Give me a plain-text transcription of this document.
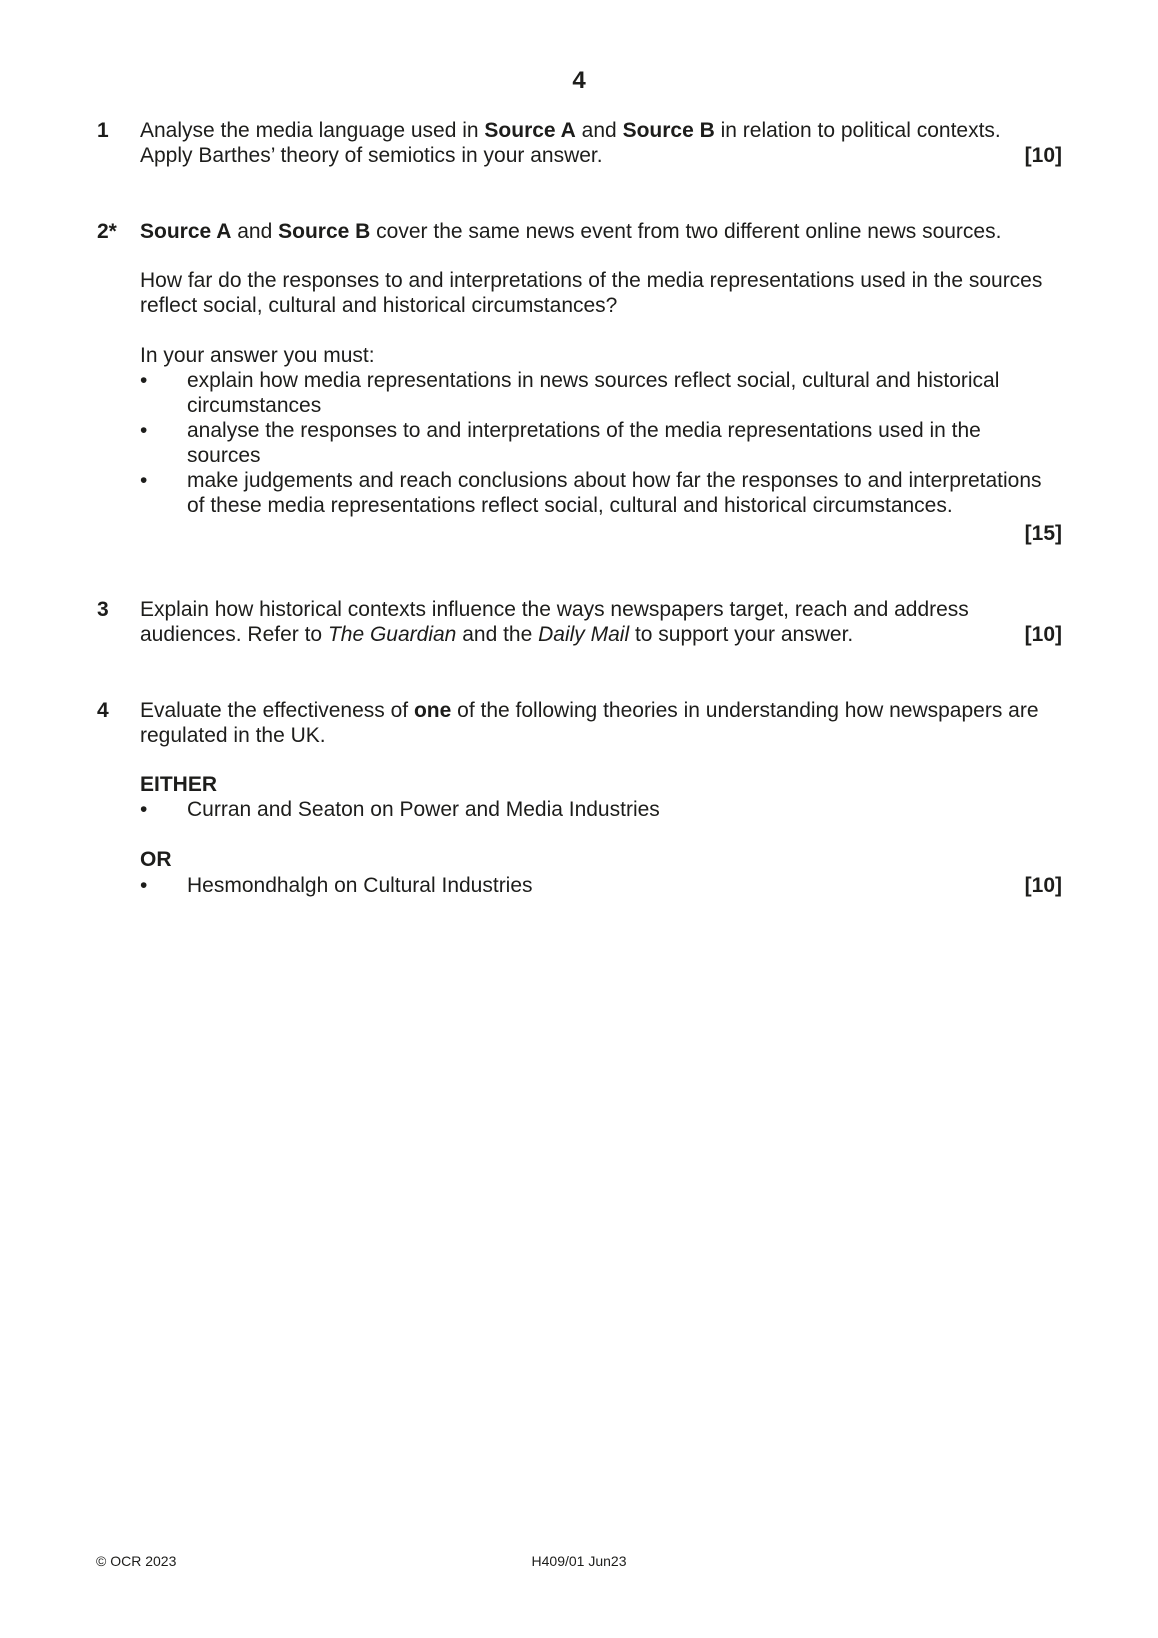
4
1 Analyse the media language used in Source A and Source B in relation to political contexts.
Apply Barthes’ theory of semiotics in your answer.	[10]
2* Source A and Source B cover the same news event from two different online news sources.
How far do the responses to and interpretations of the media representations used in the sources
reflect social, cultural and historical circumstances?
In your answer you must:
• explain how media representations in news sources reflect social, cultural and historical
circumstances
• analyse the responses to and interpretations of the media representations used in the
sources
• make judgements and reach conclusions about how far the responses to and interpretations
of these media representations reflect social, cultural and historical circumstances.
[15]
3 Explain how historical contexts influence the ways newspapers target, reach and address
audiences. Refer to The Guardian and the Daily Mail to support your answer.	[10]
4 Evaluate the effectiveness of one of the following theories in understanding how newspapers are
regulated in the UK.
EITHER
• Curran and Seaton on Power and Media Industries
OR
• Hesmondhalgh on Cultural Industries	[10]
© OCR 2023	H409/01 Jun23
